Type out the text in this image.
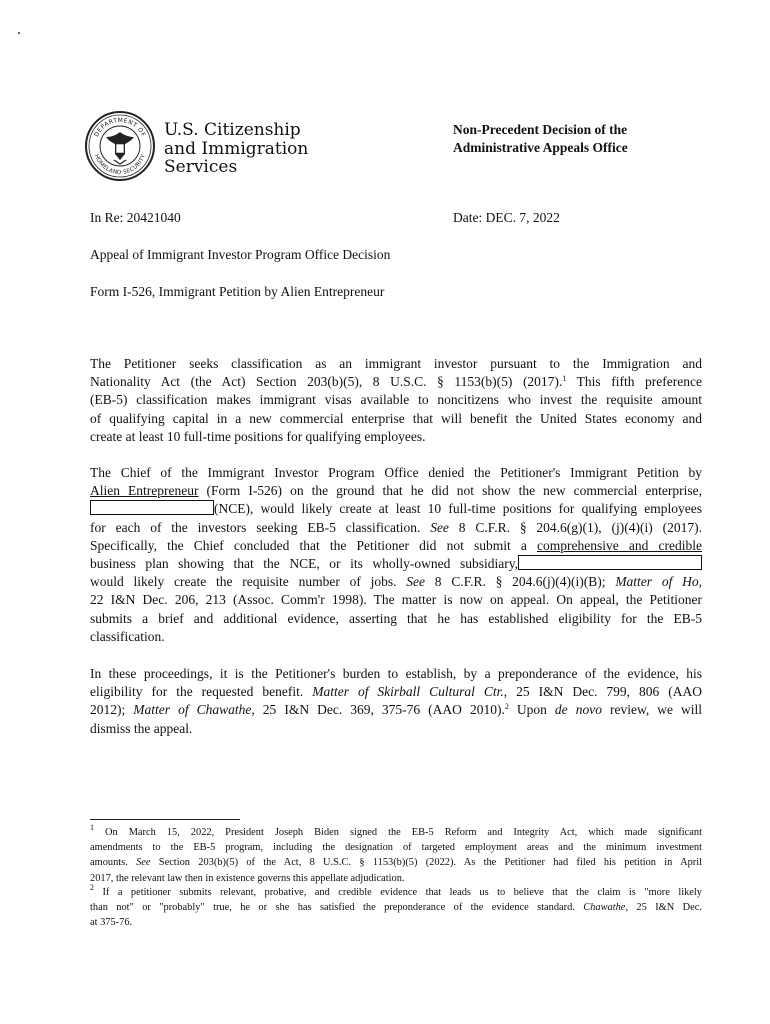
DEPARTMENT OF
HOMELAND SECURITY
U.S. Citizenship
and Immigration
Services
Non-Precedent Decision of the
Administrative Appeals Office
In Re: 20421040	Date: DEC. 7, 2022
Appeal of Immigrant Investor Program Office Decision
Form I-526, Immigrant Petition by Alien Entrepreneur
The Petitioner seeks classification as an immigrant investor pursuant to the Immigration and
Nationality Act (the Act) Section 203(b)(5), 8 U.S.C. § 1153(b)(5) (2017).$^1$ This fifth preference
(EB-5) classification makes immigrant visas available to noncitizens who invest the requisite amount
of qualifying capital in a new commercial enterprise that will benefit the United States economy and
create at least 10 full-time positions for qualifying employees.
The Chief of the Immigrant Investor Program Office denied the Petitioner's Immigrant Petition by
Alien Entrepreneur (Form I-526) on the ground that he did not show the new commercial enterprise,
(NCE), would likely create at least 10 full-time positions for qualifying employees
for each of the investors seeking EB-5 classification. See 8 C.F.R. § 204.6(g)(1), (j)(4)(i) (2017).
Specifically, the Chief concluded that the Petitioner did not submit a comprehensive and credible
business plan showing that the NCE, or its wholly-owned subsidiary,
would likely create the requisite number of jobs. See 8 C.F.R. § 204.6(j)(4)(i)(B); Matter of Ho,
22 I&N Dec. 206, 213 (Assoc. Comm'r 1998). The matter is now on appeal. On appeal, the Petitioner
submits a brief and additional evidence, asserting that he has established eligibility for the EB-5
classification.
In these proceedings, it is the Petitioner's burden to establish, by a preponderance of the evidence, his
eligibility for the requested benefit. Matter of Skirball Cultural Ctr., 25 I&N Dec. 799, 806 (AAO
2012); Matter of Chawathe, 25 I&N Dec. 369, 375-76 (AAO 2010).$^2$ Upon de novo review, we will
dismiss the appeal.
$^1$ On March 15, 2022, President Joseph Biden signed the EB-5 Reform and Integrity Act, which made significant
amendments to the EB-5 program, including the designation of targeted employment areas and the minimum investment
amounts. See Section 203(b)(5) of the Act, 8 U.S.C. § 1153(b)(5) (2022). As the Petitioner had filed his petition in April
2017, the relevant law then in existence governs this appellate adjudication.
$^2$ If a petitioner submits relevant, probative, and credible evidence that leads us to believe that the claim is "more likely
than not" or "probably" true, he or she has satisfied the preponderance of the evidence standard. Chawathe, 25 I&N Dec.
at 375-76.
